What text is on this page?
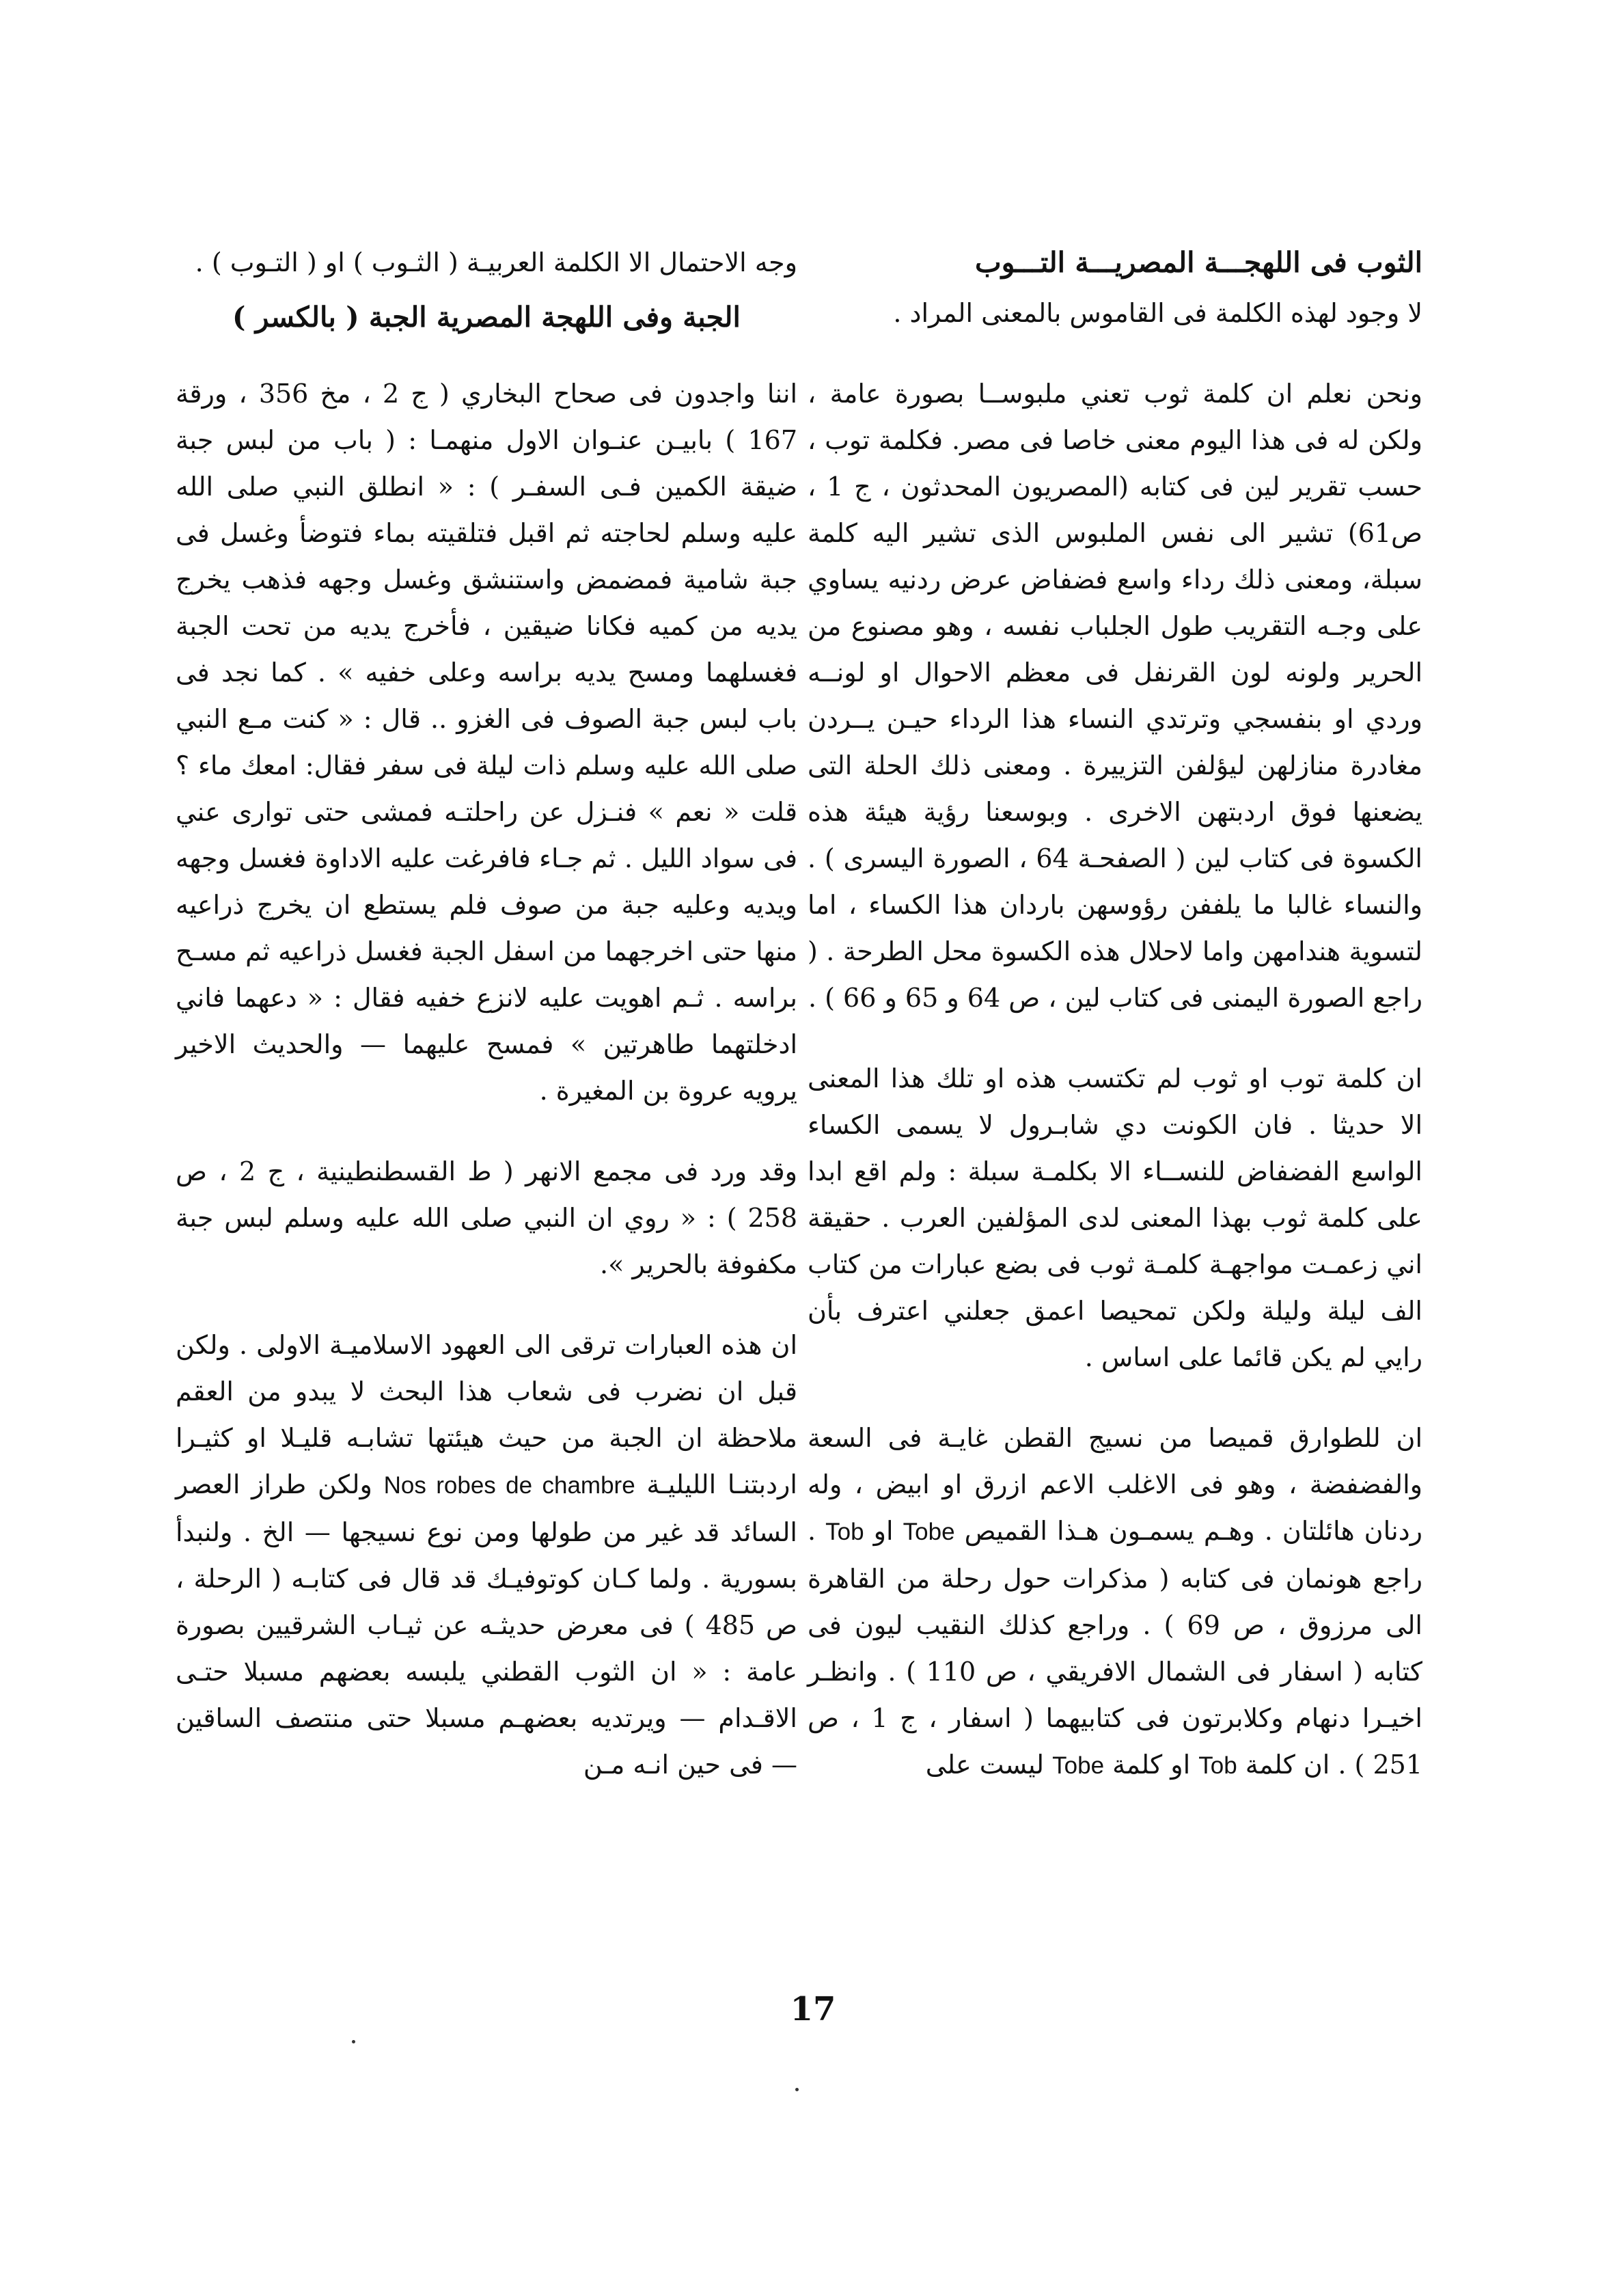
الثوب فى اللهجـــة المصريـــة التـــوب

لا وجود لهذه الكلمة فى القاموس بالمعنى المراد .

ونحن نعلم ان كلمة ثوب تعني ملبوســا بصورة عامة ، ولكن له فى هذا اليوم معنى خاصا فى مصر. فكلمة توب ، حسب تقرير لين فى كتابه (المصريون المحدثون ، ج 1 ، ص61) تشير الى نفس الملبوس الذى تشير اليه كلمة سبلة، ومعنى ذلك رداء واسع فضفاض عرض ردنيه يساوي على وجـه التقريب طول الجلباب نفسه ، وهو مصنوع من الحرير ولونه لون القرنفل فى معظم الاحوال او لونــه وردي او بنفسجي وترتدي النساء هذا الرداء حيـن يــردن مغادرة منازلهن ليؤلفن التزييرة . ومعنى ذلك الحلة التى يضعنها فوق اردبتهن الاخرى . وبوسعنا رؤية هيئة هذه الكسوة فى كتاب لين ( الصفحـة 64 ، الصورة اليسرى ) . والنساء غالبا ما يلففن رؤوسهن باردان هذا الكساء ، اما لتسوية هندامهن واما لاحلال هذه الكسوة محل الطرحة . ( راجع الصورة اليمنى فى كتاب لين ، ص 64 و 65 و 66 ) .

ان كلمة توب او ثوب لم تكتسب هذه او تلك هذا المعنى الا حديثا . فان الكونت دي شابـرول لا يسمى الكساء الواسع الفضفاض للنســاء الا بكلمـة سبلة : ولم اقع ابدا على كلمة ثوب بهذا المعنى لدى المؤلفين العرب . حقيقة اني زعمـت مواجهـة كلمـة ثوب فى بضع عبارات من كتاب الف ليلة وليلة ولكن تمحيصا اعمق جعلني اعترف بأن رايي لم يكن قائما على اساس .

ان للطوارق قميصا من نسيج القطن غايـة فى السعة والفضفضة ، وهو فى الاغلب الاعم ازرق او ابيض ، وله ردنان هائلتان . وهـم يسمـون هـذا القميص Tobe او Tob . راجع هونمان فى كتابه ( مذكرات حول رحلة من القاهرة الى مرزوق ، ص 69 ) . وراجع كذلك النقيب ليون فى كتابه ( اسفار فى الشمال الافريقي ، ص 110 ) . وانظـر اخيـرا دنهام وكلابرتون فى كتابيهما ( اسفار ، ج 1 ، ص 251 ) . ان كلمة Tob او كلمة Tobe ليست على

وجه الاحتمال الا الكلمة العربيـة ( الثـوب ) او ( التـوب ) .

الجبة وفى اللهجة المصرية الجبة ( بالكسر )

اننا واجدون فى صحاح البخاري ( ج 2 ، مخ 356 ، ورقة 167 ) بابيـن عنـوان الاول منهمـا : ( باب من لبس جبة ضيقة الكمين فـى السفـر ) : « انطلق النبي صلى الله عليه وسلم لحاجته ثم اقبل فتلقيته بماء فتوضأ وغسل فى جبة شامية فمضمض واستنشق وغسل وجهه فذهب يخرج يديه من كميه فكانا ضيقين ، فأخرج يديه من تحت الجبة فغسلهما ومسح يديه براسه وعلى خفيه » . كما نجد فى باب لبس جبة الصوف فى الغزو .. قال : « كنت مـع النبي صلى الله عليه وسلم ذات ليلة فى سفر فقال: امعك ماء ؟ قلت « نعم » فنـزل عن راحلتـه فمشى حتى توارى عني فى سواد الليل . ثم جـاء فافرغت عليه الاداوة فغسل وجهه ويديه وعليه جبة من صوف فلم يستطع ان يخرج ذراعيه منها حتى اخرجهما من اسفل الجبة فغسل ذراعيه ثم مسـح براسه . ثـم اهويت عليه لانزع خفيه فقال : « دعهما فاني ادخلتهما طاهرتين » فمسح عليهما — والحديث الاخير يرويه عروة بن المغيرة .

وقد ورد فى مجمع الانهر ( ط القسطنطينية ، ج 2 ، ص 258 ) : « روي ان النبي صلى الله عليه وسلم لبس جبة مكفوفة بالحرير ».

ان هذه العبارات ترقى الى العهود الاسلاميـة الاولى . ولكن قبل ان نضرب فى شعاب هذا البحث لا يبدو من العقم ملاحظة ان الجبة من حيث هيئتها تشابـه قليـلا او كثيـرا اردبتنـا الليليـة Nos robes de chambre ولكن طراز العصر السائد قد غير من طولها ومن نوع نسيجها — الخ . ولنبدأ بسورية . ولما كـان كوتوفيـك قد قال فى كتابـه ( الرحلة ، ص 485 ) فى معرض حديثـه عن ثيـاب الشرقيين بصورة عامة : « ان الثوب القطني يلبسه بعضهم مسبلا حتـى الاقـدام — ويرتديه بعضهـم مسبلا حتى منتصف الساقين — فى حين انـه مـن

17
